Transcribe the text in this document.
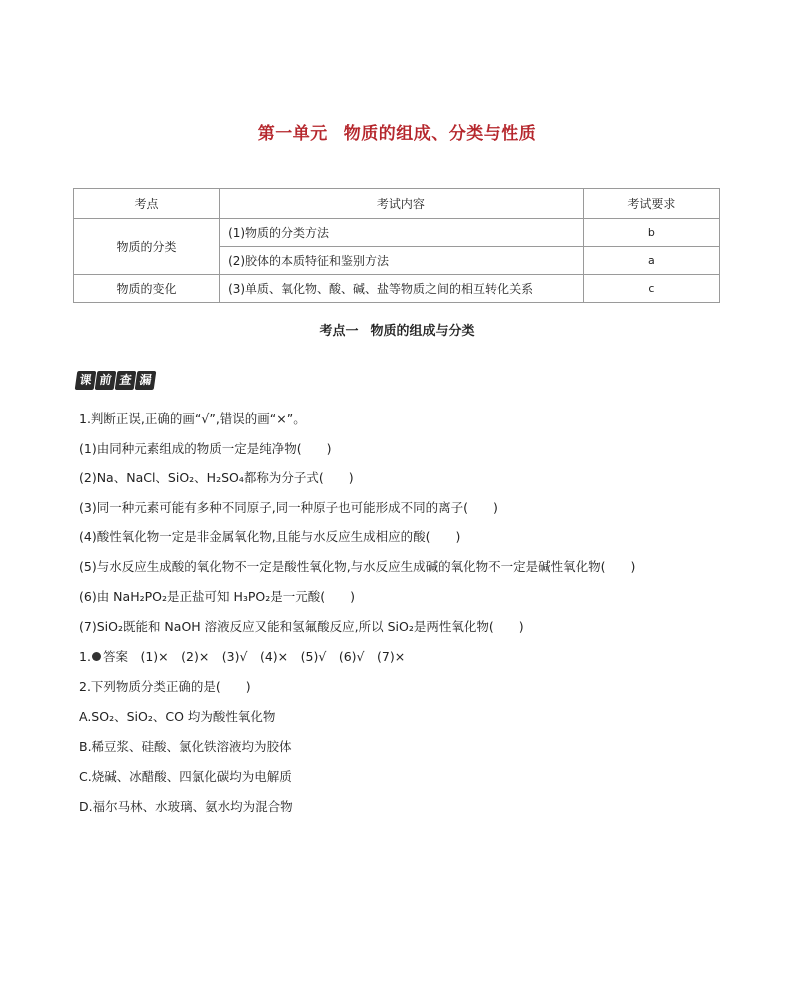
第一单元 物质的组成、分类与性质
考点	考试内容	考试要求
物质的分类	(1)物质的分类方法	b
	(2)胶体的本质特征和鉴别方法	a
物质的变化	(3)单质、氧化物、酸、碱、盐等物质之间的相互转化关系	c
考点一 物质的组成与分类
课 前 查 漏
1.判断正误,正确的画“√”,错误的画“×”。
(1)由同种元素组成的物质一定是纯净物(　　)
(2)Na、NaCl、SiO₂、H₂SO₄都称为分子式(　　)
(3)同一种元素可能有多种不同原子,同一种原子也可能形成不同的离子(　　)
(4)酸性氧化物一定是非金属氧化物,且能与水反应生成相应的酸(　　)
(5)与水反应生成酸的氧化物不一定是酸性氧化物,与水反应生成碱的氧化物不一定是碱性氧化物(　　)
(6)由 NaH₂PO₂是正盐可知 H₃PO₂是一元酸(　　)
(7)SiO₂既能和 NaOH 溶液反应又能和氢氟酸反应,所以 SiO₂是两性氧化物(　　)
1. 答案　(1)×　(2)×　(3)√　(4)×　(5)√　(6)√　(7)×
2.下列物质分类正确的是(　　)
A.SO₂、SiO₂、CO 均为酸性氧化物
B.稀豆浆、硅酸、氯化铁溶液均为胶体
C.烧碱、冰醋酸、四氯化碳均为电解质
D.福尔马林、水玻璃、氨水均为混合物
